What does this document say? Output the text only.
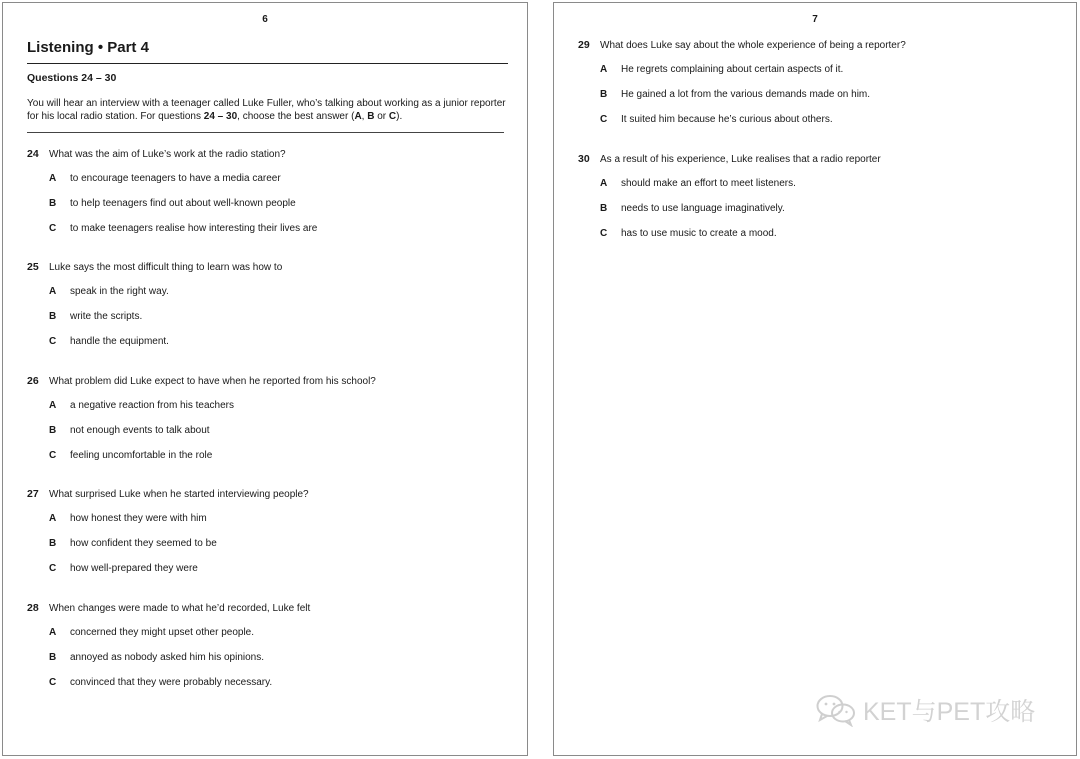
6
Listening • Part 4
Questions 24 – 30

You will hear an interview with a teenager called Luke Fuller, who’s talking about working as a junior reporter for his local radio station. For questions 24 – 30, choose the best answer (A, B or C).

24	What was the aim of Luke’s work at the radio station?
A	to encourage teenagers to have a media career
B	to help teenagers find out about well-known people
C	to make teenagers realise how interesting their lives are
25	Luke says the most difficult thing to learn was how to
A	speak in the right way.
B	write the scripts.
C	handle the equipment.
26	What problem did Luke expect to have when he reported from his school?
A	a negative reaction from his teachers
B	not enough events to talk about
C	feeling uncomfortable in the role
27	What surprised Luke when he started interviewing people?
A	how honest they were with him
B	how confident they seemed to be
C	how well-prepared they were
28	When changes were made to what he’d recorded, Luke felt
A	concerned they might upset other people.
B	annoyed as nobody asked him his opinions.
C	convinced that they were probably necessary.
7
29	What does Luke say about the whole experience of being a reporter?
A	He regrets complaining about certain aspects of it.
B	He gained a lot from the various demands made on him.
C	It suited him because he’s curious about others.
30	As a result of his experience, Luke realises that a radio reporter
A	should make an effort to meet listeners.
B	needs to use language imaginatively.
C	has to use music to create a mood.
KET与PET攻略
